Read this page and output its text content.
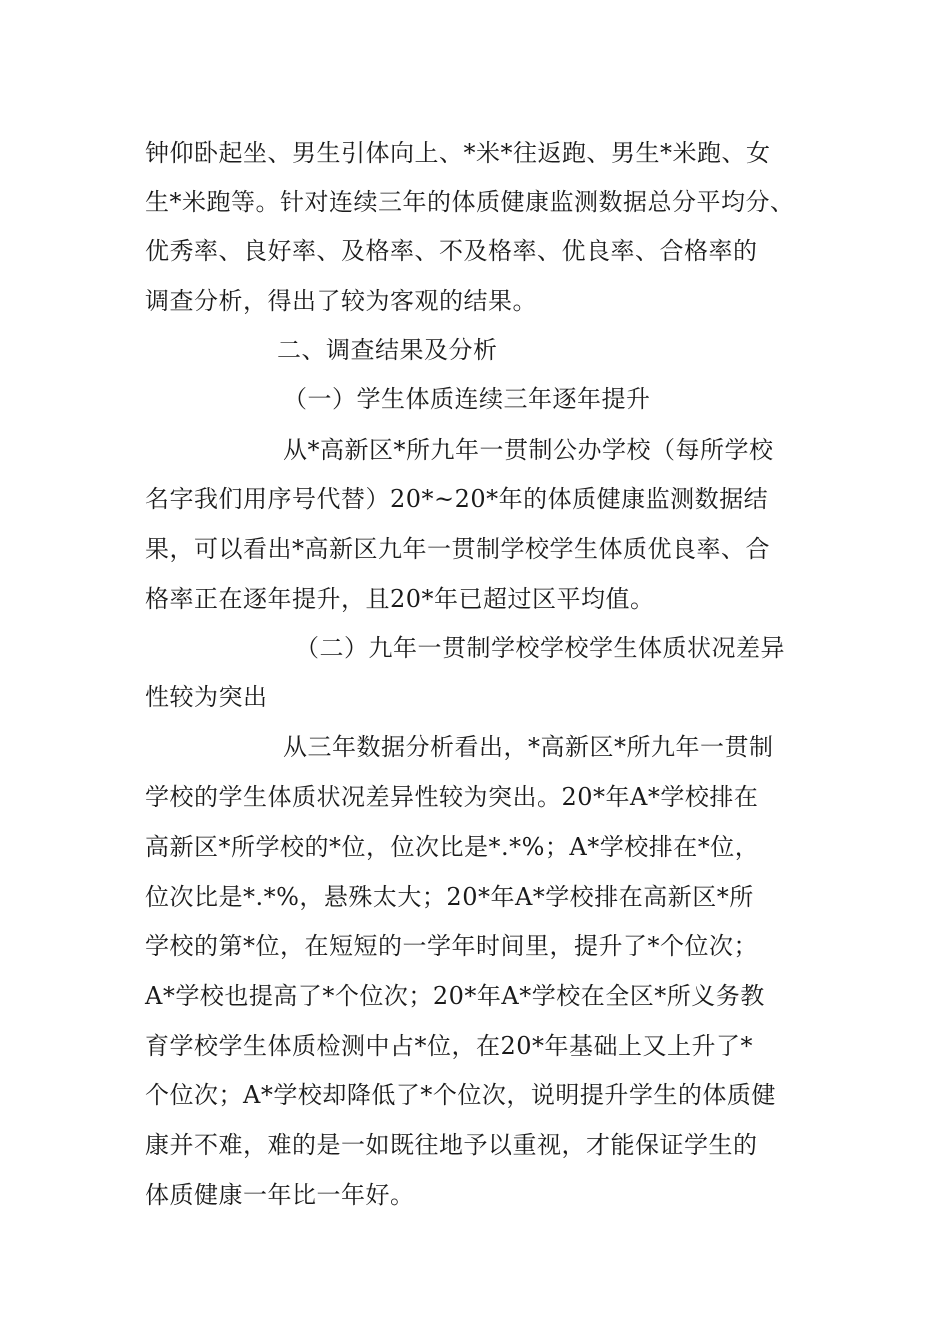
钟仰卧起坐、男生引体向上、*米*往返跑、男生*米跑、女
生*米跑等。针对连续三年的体质健康监测数据总分平均分、
优秀率、良好率、及格率、不及格率、优良率、合格率的
调查分析，得出了较为客观的结果。
二、调查结果及分析
（一）学生体质连续三年逐年提升
从*高新区*所九年一贯制公办学校（每所学校
名字我们用序号代替）20*~20*年的体质健康监测数据结
果，可以看出*高新区九年一贯制学校学生体质优良率、合
格率正在逐年提升，且20*年已超过区平均值。
（二）九年一贯制学校学校学生体质状况差异
性较为突出
从三年数据分析看出，*高新区*所九年一贯制
学校的学生体质状况差异性较为突出。20*年A*学校排在
高新区*所学校的*位，位次比是*.*%；A*学校排在*位，
位次比是*.*%，悬殊太大；20*年A*学校排在高新区*所
学校的第*位，在短短的一学年时间里，提升了*个位次；
A*学校也提高了*个位次；20*年A*学校在全区*所义务教
育学校学生体质检测中占*位，在20*年基础上又上升了*
个位次；A*学校却降低了*个位次，说明提升学生的体质健
康并不难，难的是一如既往地予以重视，才能保证学生的
体质健康一年比一年好。
